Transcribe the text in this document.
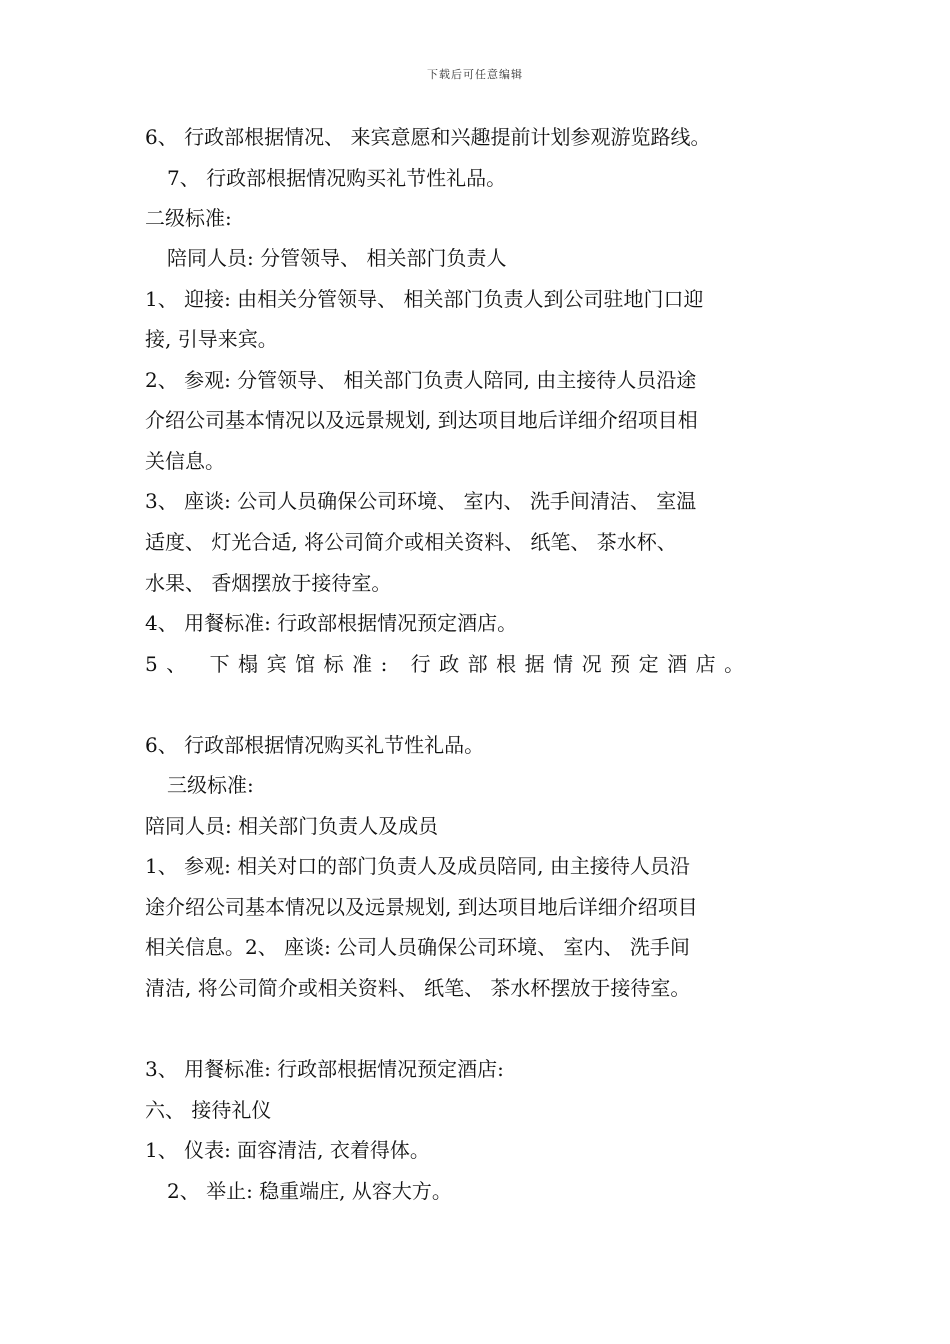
下载后可任意编辑
6、 行政部根据情况、 来宾意愿和兴趣提前计划参观游览路线。
7、 行政部根据情况购买礼节性礼品。
二级标准:
陪同人员: 分管领导、 相关部门负责人
1、 迎接: 由相关分管领导、 相关部门负责人到公司驻地门口迎
接, 引导来宾。
2、 参观: 分管领导、 相关部门负责人陪同, 由主接待人员沿途
介绍公司基本情况以及远景规划, 到达项目地后详细介绍项目相
关信息。
3、 座谈: 公司人员确保公司环境、 室内、 洗手间清洁、 室温
适度、 灯光合适, 将公司简介或相关资料、 纸笔、 茶水杯、
水果、 香烟摆放于接待室。
4、 用餐标准: 行政部根据情况预定酒店。
5、 下榻宾馆标准: 行政部根据情况预定酒店。
6、 行政部根据情况购买礼节性礼品。
三级标准:
陪同人员: 相关部门负责人及成员
1、 参观: 相关对口的部门负责人及成员陪同, 由主接待人员沿
途介绍公司基本情况以及远景规划, 到达项目地后详细介绍项目
相关信息。2、 座谈: 公司人员确保公司环境、 室内、 洗手间
清洁, 将公司简介或相关资料、 纸笔、 茶水杯摆放于接待室。
3、 用餐标准: 行政部根据情况预定酒店:
六、 接待礼仪
1、 仪表: 面容清洁, 衣着得体。
2、 举止: 稳重端庄, 从容大方。
